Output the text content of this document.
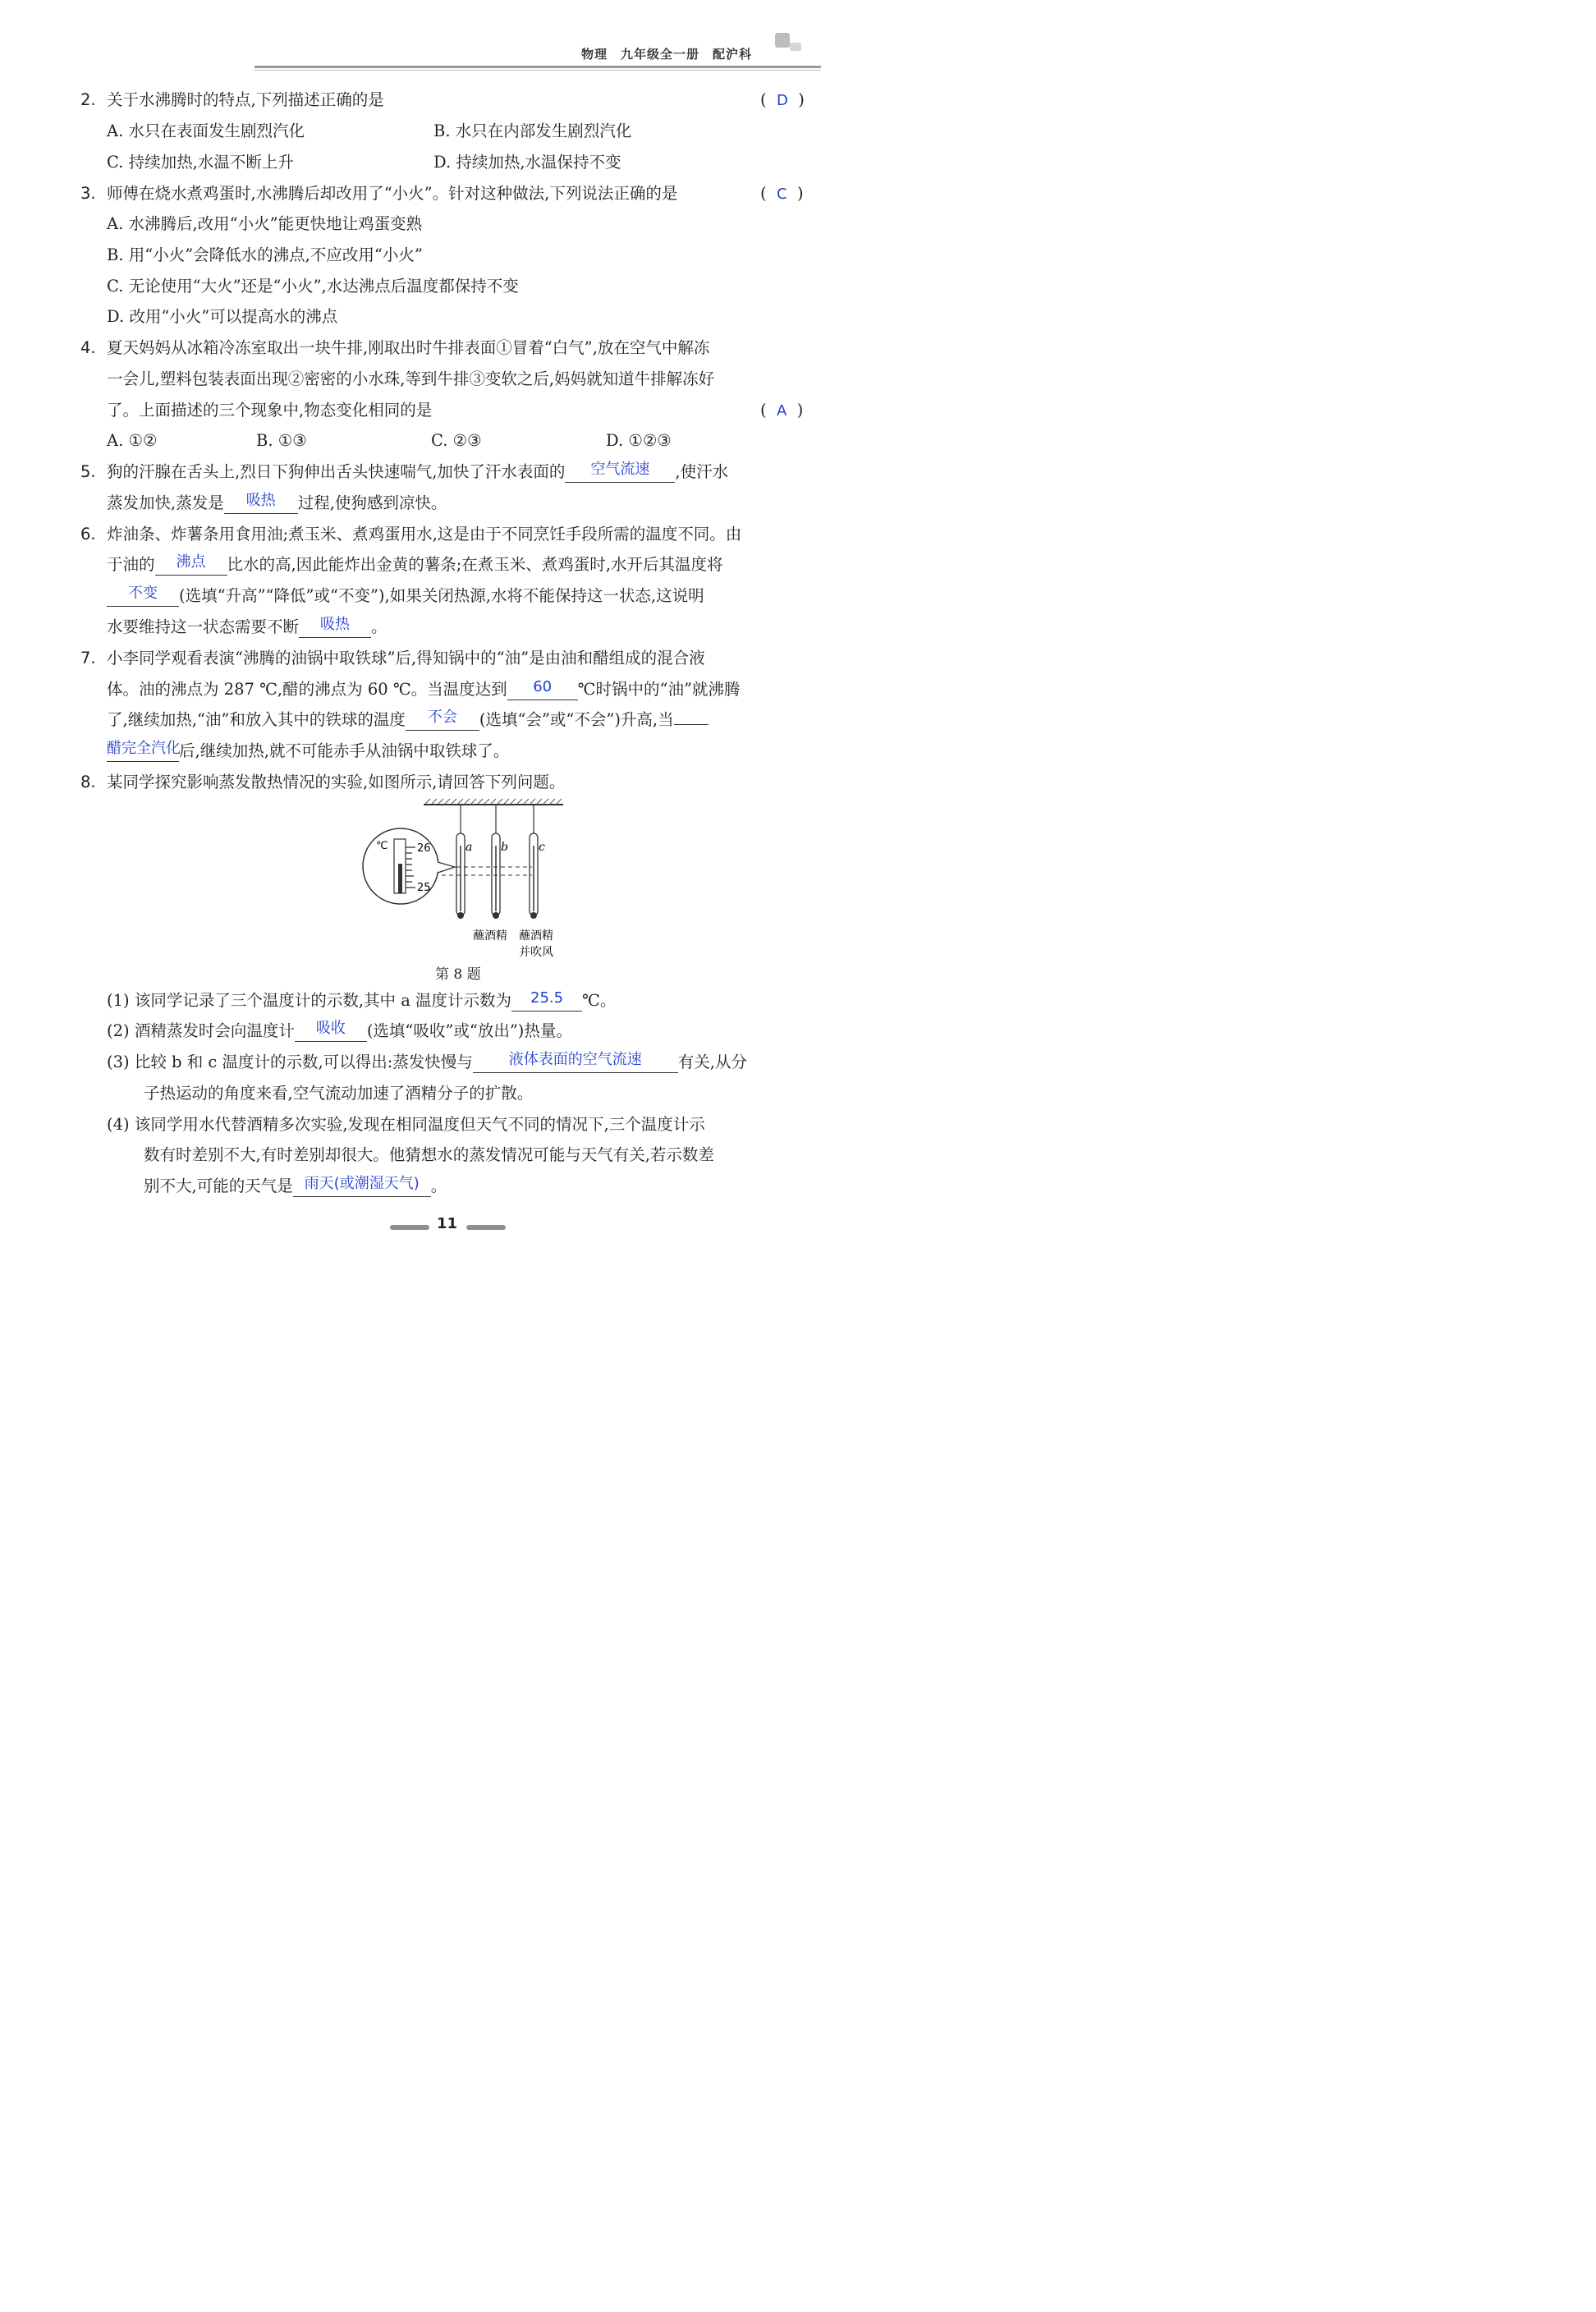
物理　九年级全一册　配沪科
2. 关于水沸腾时的特点,下列描述正确的是	(  D  )
A. 水只在表面发生剧烈汽化	B. 水只在内部发生剧烈汽化
C. 持续加热,水温不断上升	D. 持续加热,水温保持不变
3. 师傅在烧水煮鸡蛋时,水沸腾后却改用了“小火”。针对这种做法,下列说法正确的是	(  C  )
A. 水沸腾后,改用“小火”能更快地让鸡蛋变熟
B. 用“小火”会降低水的沸点,不应改用“小火”
C. 无论使用“大火”还是“小火”,水达沸点后温度都保持不变
D. 改用“小火”可以提高水的沸点
4. 夏天妈妈从冰箱冷冻室取出一块牛排,刚取出时牛排表面①冒着“白气”,放在空气中解冻
一会儿,塑料包装表面出现②密密的小水珠,等到牛排③变软之后,妈妈就知道牛排解冻好
了。上面描述的三个现象中,物态变化相同的是	(  A  )
A. ①②	B. ①③	C. ②③	D. ①②③
5. 狗的汗腺在舌头上,烈日下狗伸出舌头快速喘气,加快了汗水表面的 空气流速 ,使汗水
蒸发加快,蒸发是 吸热 过程,使狗感到凉快。
6. 炸油条、炸薯条用食用油;煮玉米、煮鸡蛋用水,这是由于不同烹饪手段所需的温度不同。由
于油的 沸点 比水的高,因此能炸出金黄的薯条;在煮玉米、煮鸡蛋时,水开后其温度将
不变 (选填“升高”“降低”或“不变”),如果关闭热源,水将不能保持这一状态,这说明
水要维持这一状态需要不断 吸热 。
7. 小李同学观看表演“沸腾的油锅中取铁球”后,得知锅中的“油”是由油和醋组成的混合液
体。油的沸点为 287 ℃,醋的沸点为 60 ℃。当温度达到 60 ℃时锅中的“油”就沸腾
了,继续加热,“油”和放入其中的铁球的温度 不会 (选填“会”或“不会”)升高,当
醋完全汽化后,继续加热,就不可能赤手从油锅中取铁球了。
8. 某同学探究影响蒸发散热情况的实验,如图所示,请回答下列问题。
a b	c
℃	26
25
蘸酒精 蘸酒精
并吹风
第 8 题
(1) 该同学记录了三个温度计的示数,其中 a 温度计示数为 25.5 ℃。
(2) 酒精蒸发时会向温度计 吸收 (选填“吸收”或“放出”)热量。
(3) 比较 b 和 c 温度计的示数,可以得出:蒸发快慢与 液体表面的空气流速 有关,从分
子热运动的角度来看,空气流动加速了酒精分子的扩散。
(4) 该同学用水代替酒精多次实验,发现在相同温度但天气不同的情况下,三个温度计示
数有时差别不大,有时差别却很大。他猜想水的蒸发情况可能与天气有关,若示数差
别不大,可能的天气是 雨天(或潮湿天气) 。
11
